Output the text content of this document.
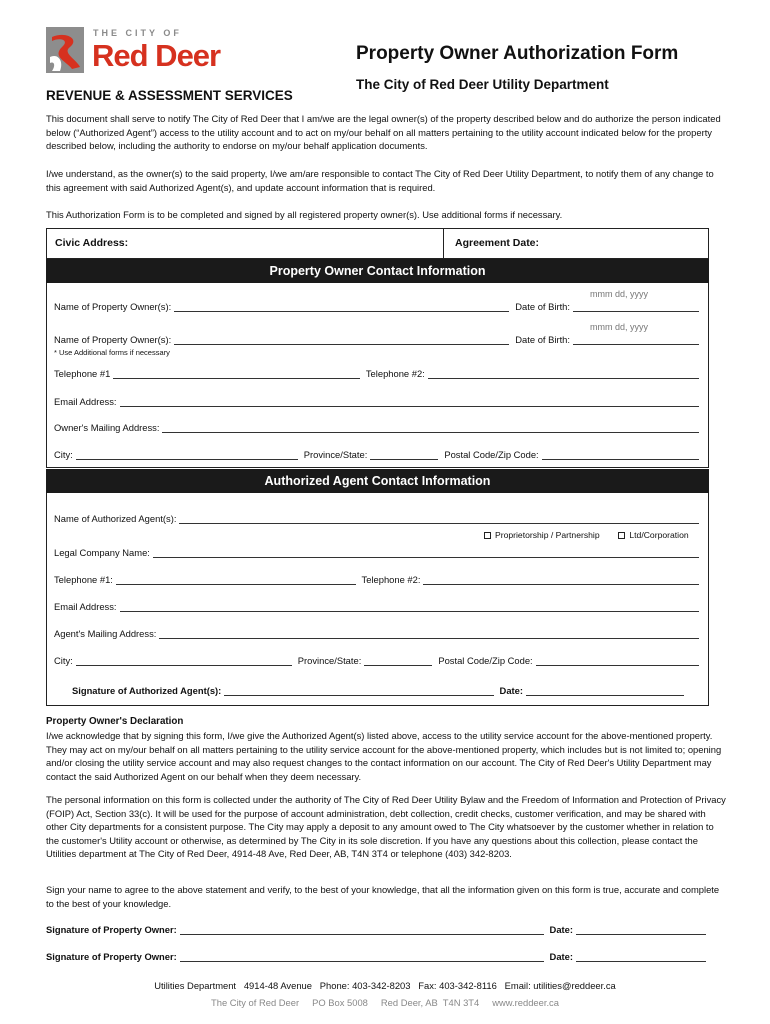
THE CITY OF
Red Deer	Property Owner Authorization Form
The City of Red Deer Utility Department
REVENUE & ASSESSMENT SERVICES
This document shall serve to notify The City of Red Deer that I am/we are the legal owner(s) of the property described below and do authorize the person indicated below (“Authorized Agent”) access to the utility account and to act on my/our behalf on all matters pertaining to the utility account indicated below for the property described below, including the authority to endorse on my/our behalf application documents.
I/we understand, as the owner(s) to the said property, I/we am/are responsible to contact The City of Red Deer Utility Department, to notify them of any change to this agreement with said Authorized Agent(s), and update account information that is required.
This Authorization Form is to be completed and signed by all registered property owner(s). Use additional forms if necessary.
Civic Address:	Agreement Date:
Property Owner Contact Information
mmm dd, yyyy
Name of Property Owner(s):	Date of Birth:
mmm dd, yyyy
Name of Property Owner(s):	Date of Birth:
* Use Additional forms if necessary
Telephone #1	Telephone #2:
Email Address:
Owner's Mailing Address:
City:	Province/State:	Postal Code/Zip Code:
Authorized Agent Contact Information
Name of Authorized Agent(s):
Proprietorship / Partnership	Ltd/Corporation
Legal Company Name:
Telephone #1:	Telephone #2:
Email Address:
Agent's Mailing Address:
City:	Province/State:	Postal Code/Zip Code:
Signature of Authorized Agent(s):	Date:
Property Owner's Declaration
I/we acknowledge that by signing this form, I/we give the Authorized Agent(s) listed above, access to the utility service account for the above-mentioned property. They may act on my/our behalf on all matters pertaining to the utility service account for the above-mentioned property, which includes but is not limited to; opening and/or closing the utility service account and may also request changes to the contact information on our account. The City of Red Deer's Utility Department may contact the said Authorized Agent on our behalf when they deem necessary.
The personal information on this form is collected under the authority of The City of Red Deer Utility Bylaw and the Freedom of Information and Protection of Privacy (FOIP) Act, Section 33(c). It will be used for the purpose of account administration, debt collection, credit checks, customer verification, and may be shared with other City departments for a consistent purpose. The City may apply a deposit to any amount owed to The City whatsoever by the customer whether in relation to the customer's Utility account or otherwise, as determined by The City in its sole discretion. If you have any questions about this collection, please contact the Utilities department at The City of Red Deer, 4914-48 Ave, Red Deer, AB, T4N 3T4 or telephone (403) 342-8203.
Sign your name to agree to the above statement and verify, to the best of your knowledge, that all the information given on this form is true, accurate and complete to the best of your knowledge.
Signature of Property Owner:	Date:
Signature of Property Owner:	Date:
Utilities Department   4914-48 Avenue   Phone: 403-342-8203   Fax: 403-342-8116   Email: utilities@reddeer.ca
The City of Red Deer     PO Box 5008     Red Deer, AB  T4N 3T4     www.reddeer.ca
